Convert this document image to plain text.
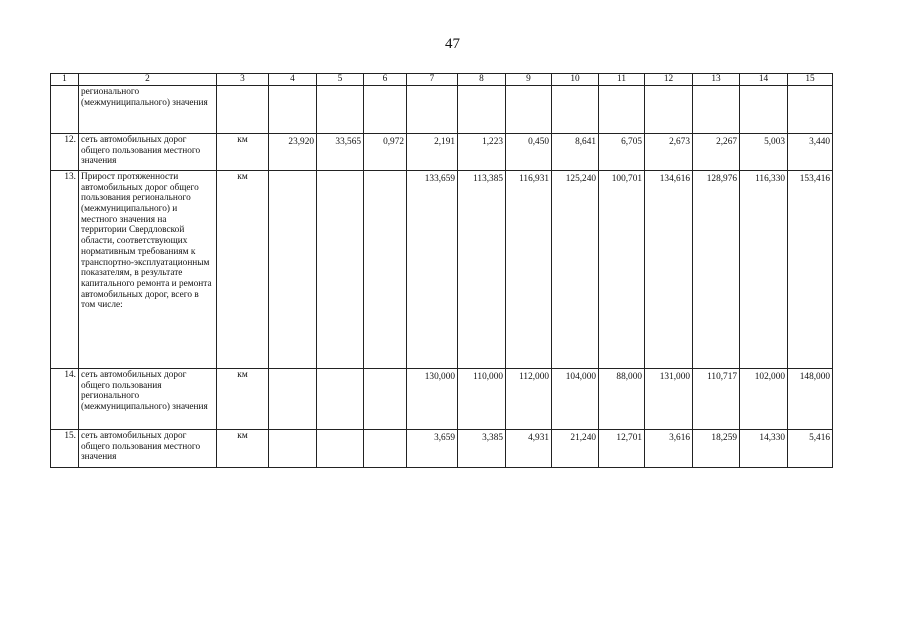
47
1	2	3	4	5	6	7	8	9	10	11	12	13	14	15
	регионального (межмуниципального) значения													
12.	сеть автомобильных дорог общего пользования местного значения	км	23,920	33,565	0,972	2,191	1,223	0,450	8,641	6,705	2,673	2,267	5,003	3,440
13.	Прирост протяженности автомобильных дорог общего пользования регионального (межмуниципального) и местного значения на территории Свердловской области, соответствующих нормативным требованиям к транспортно-эксплуатационным показателям, в результате капитального ремонта и ремонта автомобильных дорог, всего в том числе:	км				133,659	113,385	116,931	125,240	100,701	134,616	128,976	116,330	153,416
14.	сеть автомобильных дорог общего пользования регионального (межмуниципального) значения	км				130,000	110,000	112,000	104,000	88,000	131,000	110,717	102,000	148,000
15.	сеть автомобильных дорог общего пользования местного значения	км				3,659	3,385	4,931	21,240	12,701	3,616	18,259	14,330	5,416
